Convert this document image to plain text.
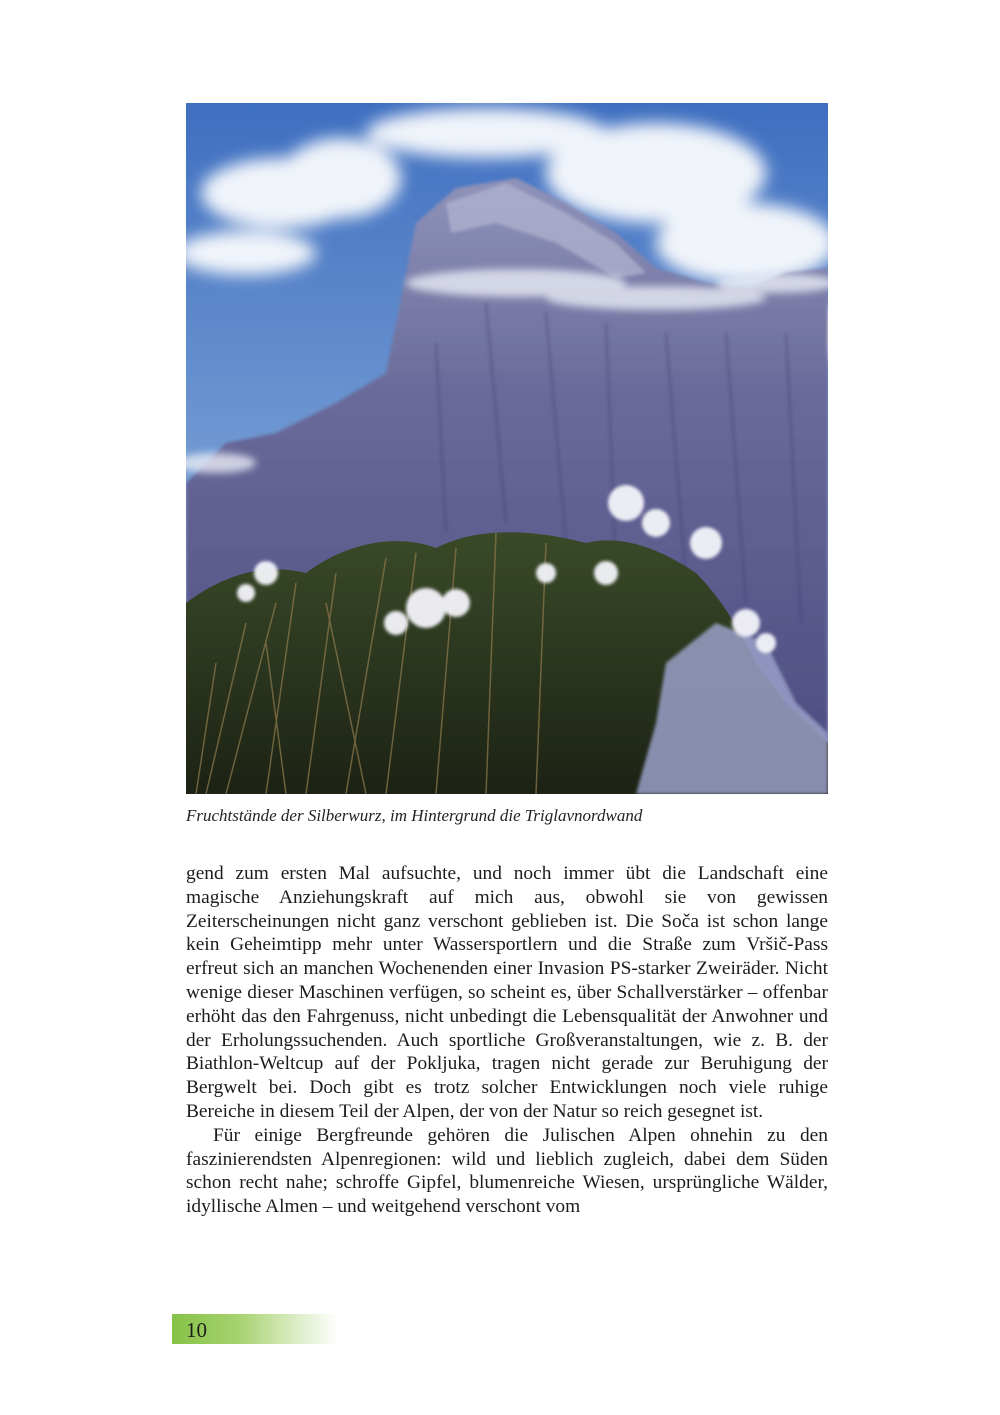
Fruchtstände der Silberwurz, im Hintergrund die Triglavnordwand

gend zum ersten Mal aufsuchte, und noch immer übt die Landschaft eine magische Anziehungskraft auf mich aus, obwohl sie von gewissen Zeiterscheinungen nicht ganz verschont geblieben ist. Die Soča ist schon lange kein Geheimtipp mehr unter Wassersportlern und die Straße zum Vršič-Pass erfreut sich an manchen Wochenenden einer Invasion PS-starker Zweiräder. Nicht wenige dieser Maschinen verfügen, so scheint es, über Schallverstärker – offenbar erhöht das den Fahrgenuss, nicht unbedingt die Lebensqualität der Anwohner und der Erholungssuchenden. Auch sportliche Großveranstaltungen, wie z. B. der Biathlon-Weltcup auf der Pokljuka, tragen nicht gerade zur Beruhigung der Bergwelt bei. Doch gibt es trotz solcher Entwicklungen noch viele ruhige Bereiche in diesem Teil der Alpen, der von der Natur so reich gesegnet ist.

Für einige Bergfreunde gehören die Julischen Alpen ohnehin zu den faszinierendsten Alpenregionen: wild und lieblich zugleich, dabei dem Süden schon recht nahe; schroffe Gipfel, blumenreiche Wiesen, ursprüngliche Wälder, idyllische Almen – und weitgehend verschont vom

10
